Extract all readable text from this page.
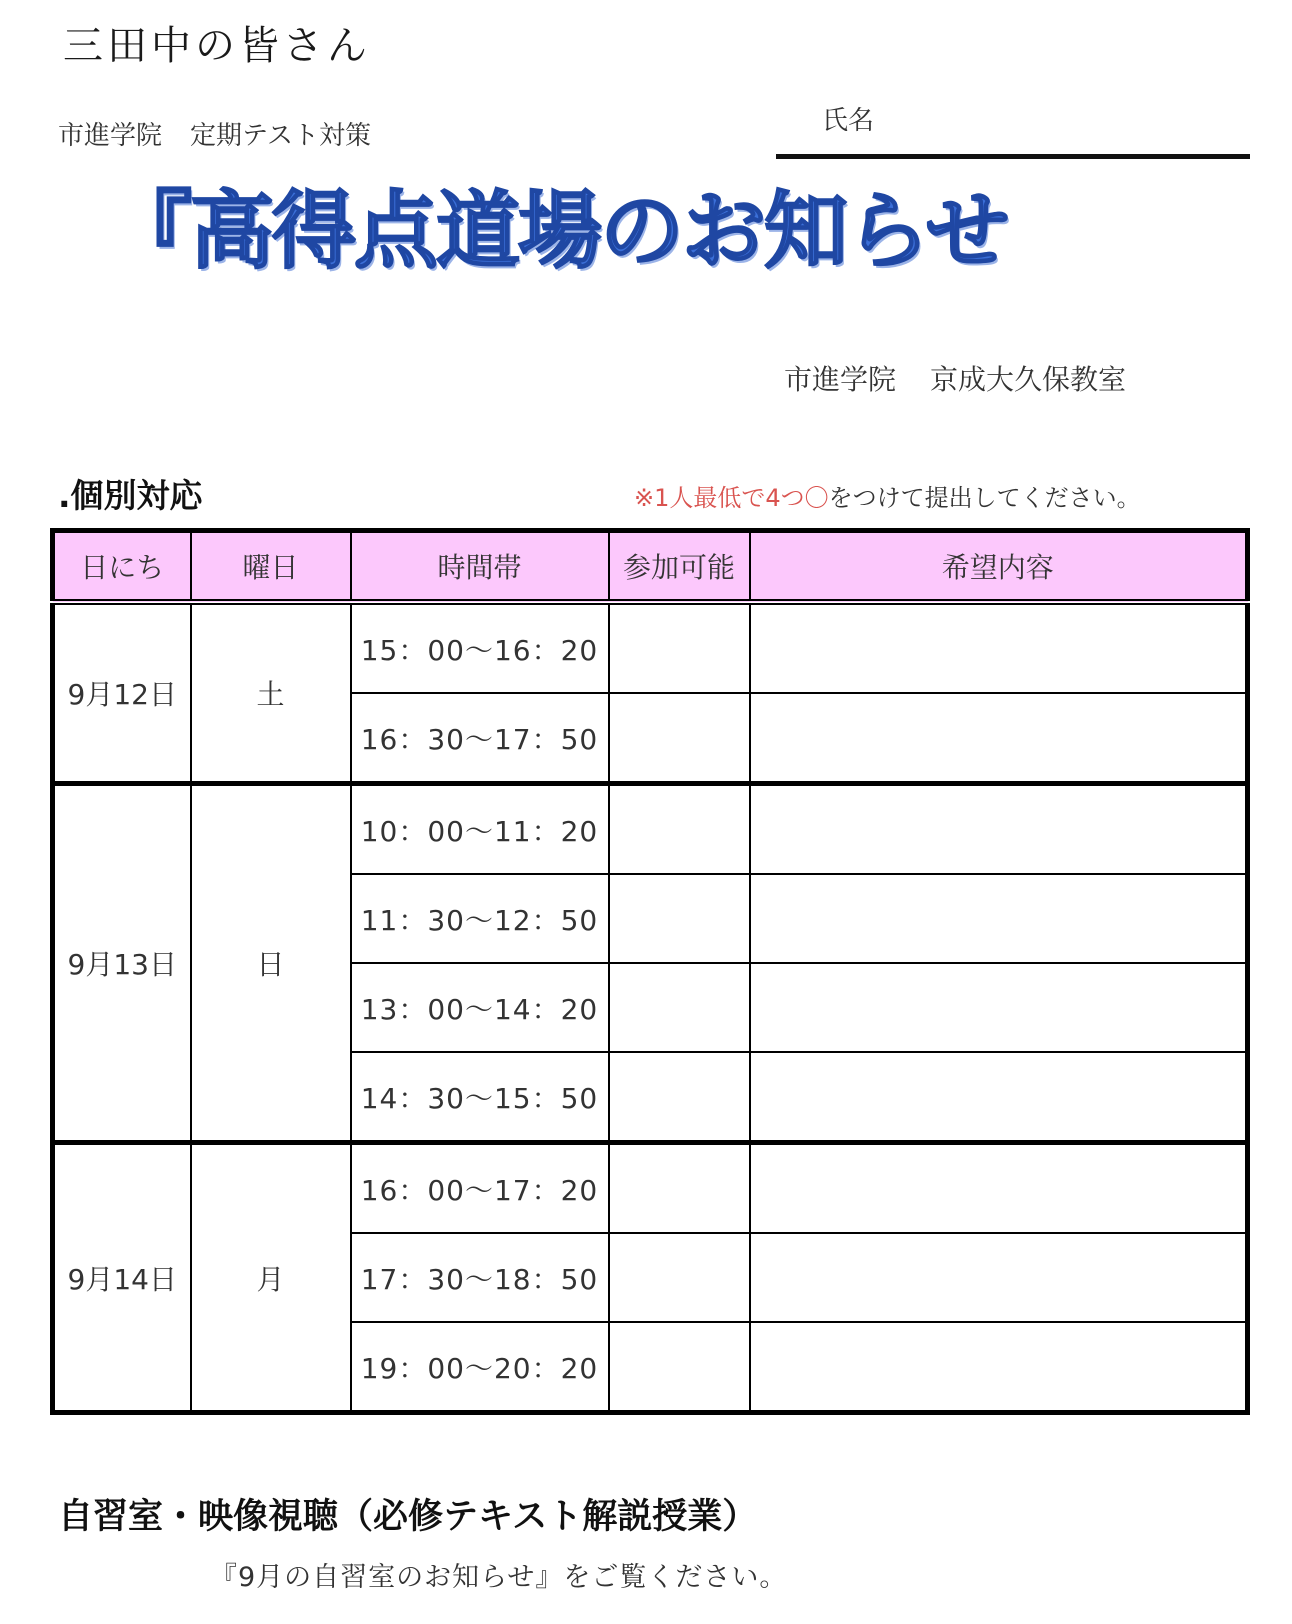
三田中の皆さん
市進学院 定期テスト対策	氏名
『高得点道場のお知らせ
市進学院 京成大久保教室
.個別対応	※1人最低で4つ〇をつけて提出してください。
日にち	曜日	時間帯	参加可能	希望内容
9月12日	土	15：00～16：20		
		16：30～17：50		
9月13日	日	10：00～11：20		
		11：30～12：50		
		13：00～14：20		
		14：30～15：50		
9月14日	月	16：00～17：20		
		17：30～18：50		
		19：00～20：20		
自習室・映像視聴（必修テキスト解説授業）
『9月の自習室のお知らせ』をご覧ください。
